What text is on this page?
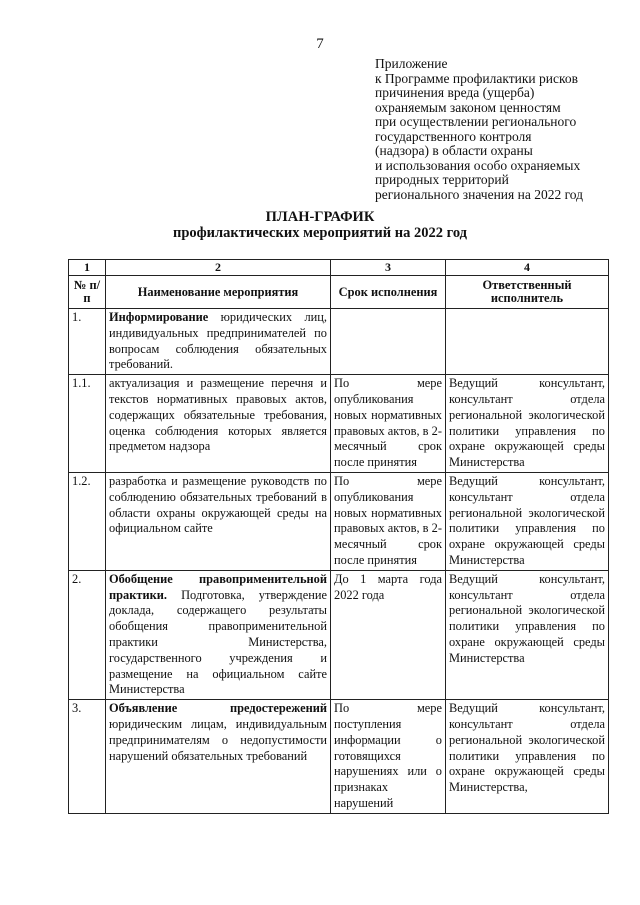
7
Приложение
к Программе профилактики рисков
причинения вреда (ущерба)
охраняемым законом ценностям
при осуществлении регионального
государственного контроля
(надзора) в области охраны
и использования особо охраняемых
природных территорий
регионального значения на 2022 год
ПЛАН-ГРАФИК
профилактических мероприятий на 2022 год
1	2	3	4
№ п/п	Наименование мероприятия	Срок исполнения	Ответственный исполнитель
1.	Информирование юридических лиц, индивидуальных предпринимателей по вопросам соблюдения обязательных требований.		
1.1.	актуализация и размещение перечня и текстов нормативных правовых актов, содержащих обязательные требования, оценка соблюдения которых является предметом надзора	По мере опубликования новых нормативных правовых актов, в 2-месячный срок после принятия	Ведущий консультант, консультант отдела региональной экологической политики управления по охране окружающей среды Министерства
1.2.	разработка и размещение руководств по соблюдению обязательных требований в области охраны окружающей среды на официальном сайте	По мере опубликования новых нормативных правовых актов, в 2-месячный срок после принятия	Ведущий консультант, консультант отдела региональной экологической политики управления по охране окружающей среды Министерства
2.	Обобщение правоприменительной практики. Подготовка, утверждение доклада, содержащего результаты обобщения правоприменительной практики Министерства, государственного учреждения и размещение на официальном сайте Министерства	До 1 марта года 2022 года	Ведущий консультант, консультант отдела региональной экологической политики управления по охране окружающей среды Министерства
3.	Объявление предостережений юридическим лицам, индивидуальным предпринимателям о недопустимости нарушений обязательных требований	По мере поступления информации о готовящихся нарушениях или о признаках нарушений	Ведущий консультант, консультант отдела региональной экологической политики управления по охране окружающей среды Министерства,
